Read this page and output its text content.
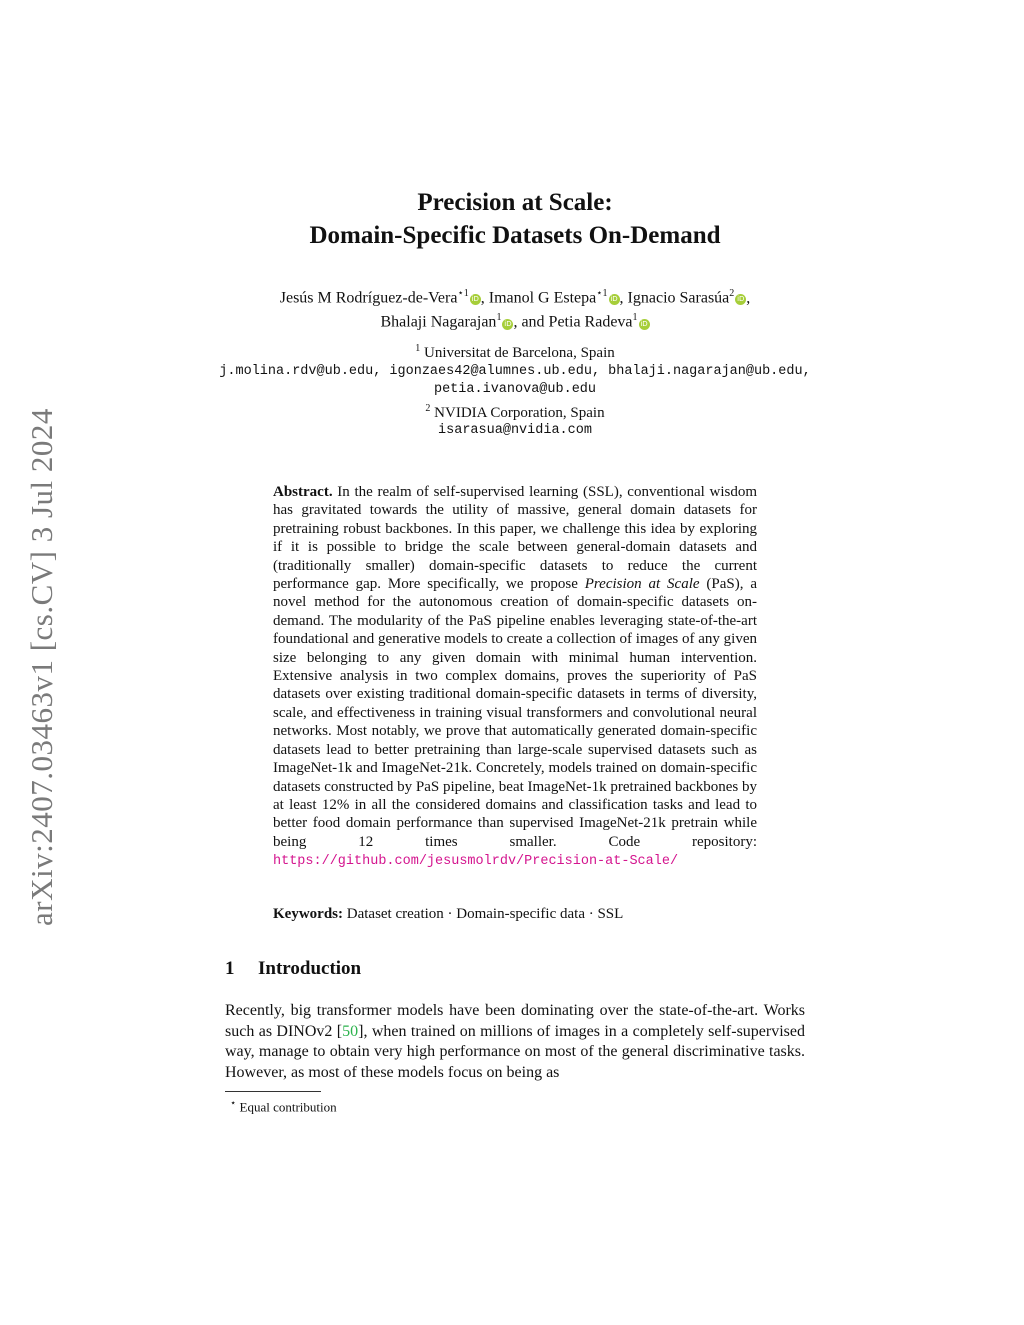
arXiv:2407.03463v1 [cs.CV] 3 Jul 2024
Precision at Scale:
Domain-Specific Datasets On-Demand
Jesús M Rodríguez-de-Vera$^{⋆1}$iD , Imanol G Estepa$^{⋆1}$iD , Ignacio Sarasúa$^2$iD ,
Bhalaji Nagarajan$^1$iD , and Petia Radeva$^1$iD
$^1$ Universitat de Barcelona, Spain
j.molina.rdv@ub.edu, igonzaes42@alumnes.ub.edu, bhalaji.nagarajan@ub.edu,
petia.ivanova@ub.edu
$^2$ NVIDIA Corporation, Spain
isarasua@nvidia.com
Abstract. In the realm of self-supervised learning (SSL), conventional wisdom has gravitated towards the utility of massive, general domain datasets for pretraining robust backbones. In this paper, we challenge this idea by exploring if it is possible to bridge the scale between general-domain datasets and (traditionally smaller) domain-specific datasets to reduce the current performance gap. More specifically, we propose Precision at Scale (PaS), a novel method for the autonomous creation of domain-specific datasets on-demand. The modularity of the PaS pipeline enables leveraging state-of-the-art foundational and generative models to create a collection of images of any given size belonging to any given domain with minimal human intervention. Extensive analysis in two complex domains, proves the superiority of PaS datasets over existing traditional domain-specific datasets in terms of diversity, scale, and effectiveness in training visual transformers and convolutional neural networks. Most notably, we prove that automatically generated domain-specific datasets lead to better pretraining than large-scale supervised datasets such as ImageNet-1k and ImageNet-21k. Concretely, models trained on domain-specific datasets constructed by PaS pipeline, beat ImageNet-1k pretrained backbones by at least 12% in all the considered domains and classification tasks and lead to better food domain performance than supervised ImageNet-21k pretrain while being 12 times smaller. Code repository: https://github.com/jesusmolrdv/Precision-at-Scale/
Keywords: Dataset creation · Domain-specific data · SSL
1 Introduction
Recently, big transformer models have been dominating over the state-of-the-art. Works such as DINOv2 [50], when trained on millions of images in a completely self-supervised way, manage to obtain very high performance on most of the general discriminative tasks. However, as most of these models focus on being as
⋆ Equal contribution
